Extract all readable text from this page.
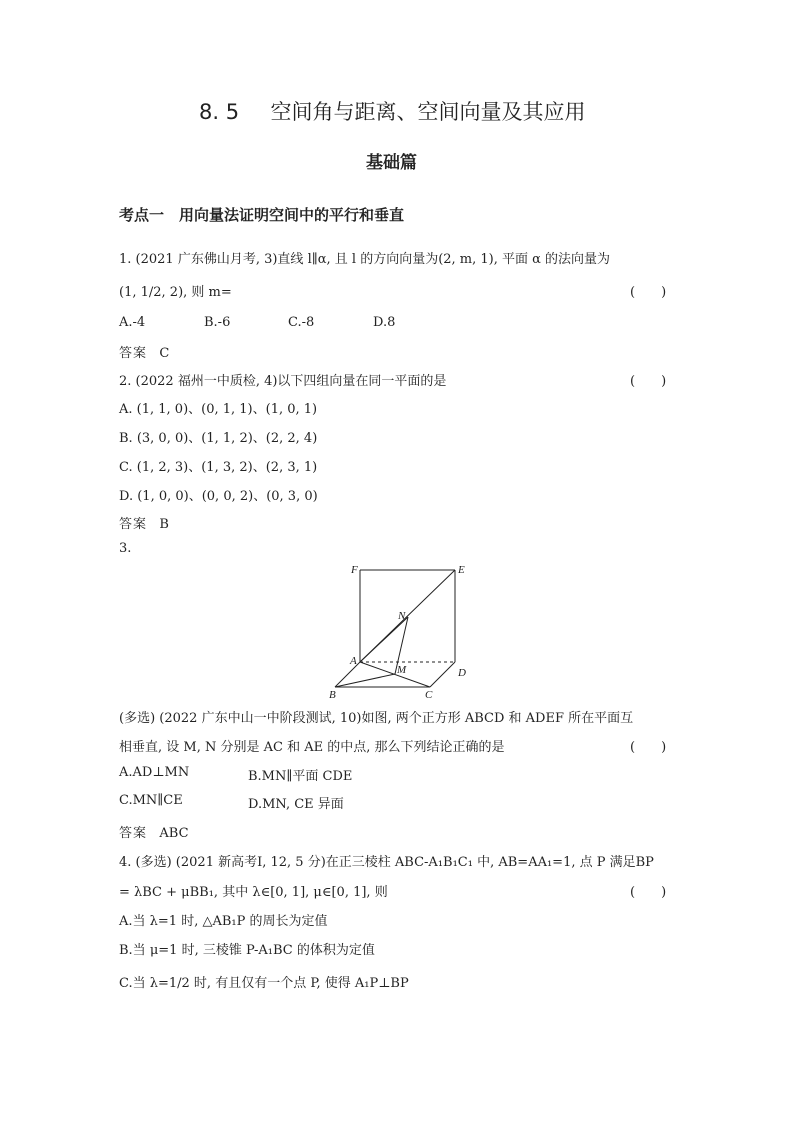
8. 5 空间角与距离、空间向量及其应用
基础篇
考点一　用向量法证明空间中的平行和垂直
1. (2021 广东佛山月考, 3)直线 l∥α, 且 l 的方向向量为(2, m, 1), 平面 α 的法向量为
(1, 1/2, 2), 则 m=	(　　)
A.-4	B.-6	C.-8	D.8
答案 C
2. (2022 福州一中质检, 4)以下四组向量在同一平面的是	(　　)
A. (1, 1, 0)、(0, 1, 1)、(1, 0, 1)
B. (3, 0, 0)、(1, 1, 2)、(2, 2, 4)
C. (1, 2, 3)、(1, 3, 2)、(2, 3, 1)
D. (1, 0, 0)、(0, 0, 2)、(0, 3, 0)
答案 B
3.
F	E
N
A
M	D
B	C
(多选) (2022 广东中山一中阶段测试, 10)如图, 两个正方形 ABCD 和 ADEF 所在平面互
相垂直, 设 M, N 分别是 AC 和 AE 的中点, 那么下列结论正确的是	(　　)
A.AD⊥MN	B.MN∥平面 CDE
C.MN∥CE	D.MN, CE 异面
答案 ABC
4. (多选) (2021 新高考Ⅰ, 12, 5 分)在正三棱柱 ABC-A₁B₁C₁ 中, AB=AA₁=1, 点 P 满足BP
= λBC + μBB₁, 其中 λ∈[0, 1], μ∈[0, 1], 则	(　　)
A.当 λ=1 时, △AB₁P 的周长为定值
B.当 μ=1 时, 三棱锥 P-A₁BC 的体积为定值
C.当 λ=1/2 时, 有且仅有一个点 P, 使得 A₁P⊥BP
